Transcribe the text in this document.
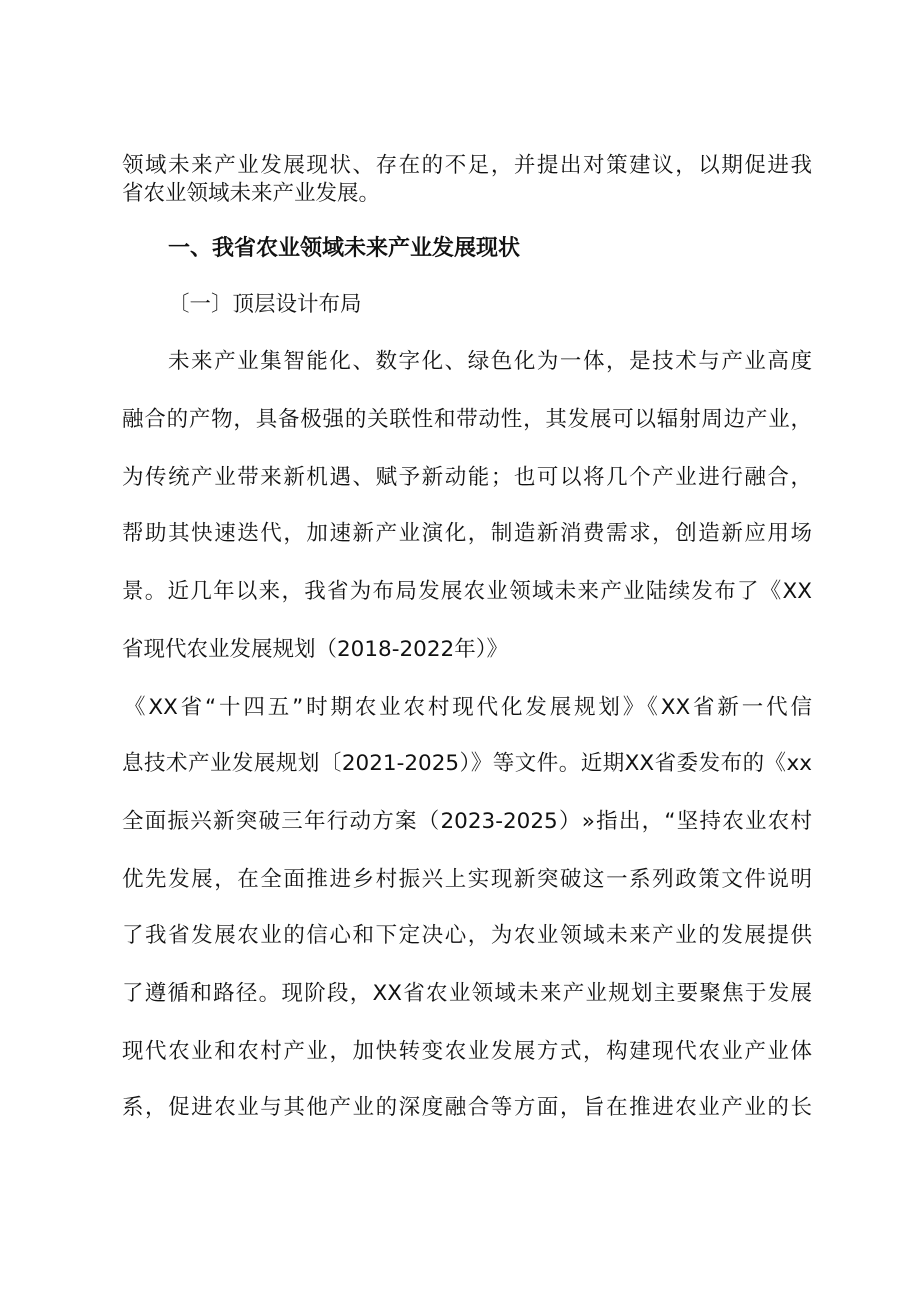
领域未来产业发展现状、存在的不足，并提出对策建议，以期促进我
省农业领域未来产业发展。
一、我省农业领域未来产业发展现状
〔一〕顶层设计布局
未来产业集智能化、数字化、绿色化为一体，是技术与产业高度
融合的产物，具备极强的关联性和带动性，其发展可以辐射周边产业，
为传统产业带来新机遇、赋予新动能；也可以将几个产业进行融合，
帮助其快速迭代，加速新产业演化，制造新消费需求，创造新应用场
景。近几年以来，我省为布局发展农业领域未来产业陆续发布了《XX
省现代农业发展规划（2018-2022年）》
《XX省“十四五”时期农业农村现代化发展规划》《XX省新一代信
息技术产业发展规划〔2021-2025）》等文件。近期XX省委发布的《xx
全面振兴新突破三年行动方案（2023-2025）»指出，“坚持农业农村
优先发展，在全面推进乡村振兴上实现新突破这一系列政策文件说明
了我省发展农业的信心和下定决心，为农业领域未来产业的发展提供
了遵循和路径。现阶段，XX省农业领域未来产业规划主要聚焦于发展
现代农业和农村产业，加快转变农业发展方式，构建现代农业产业体
系，促进农业与其他产业的深度融合等方面，旨在推进农业产业的长
